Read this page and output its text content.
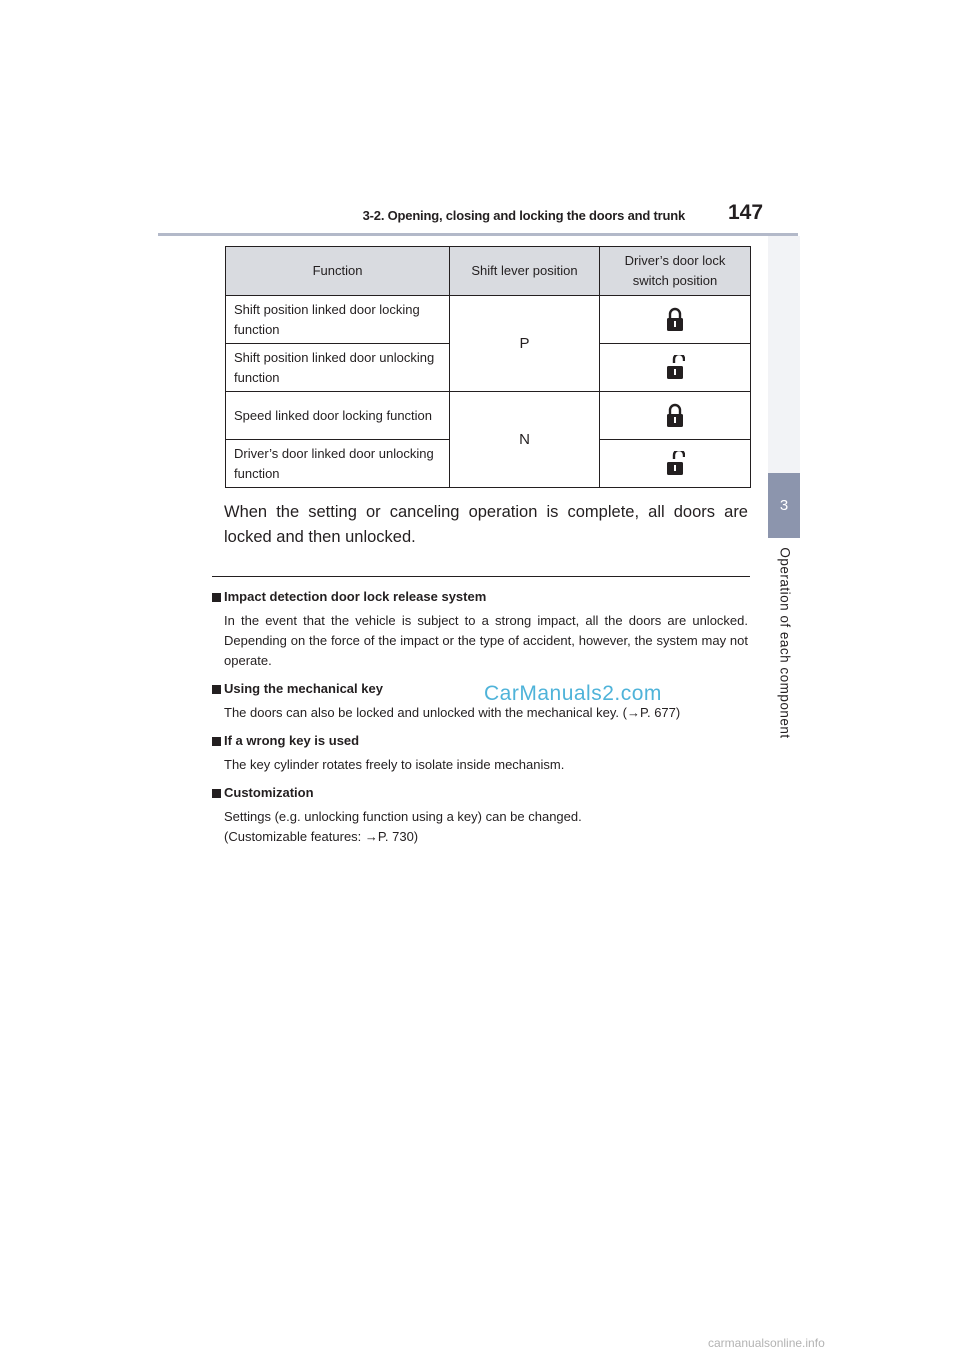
3-2. Opening, closing and locking the doors and trunk 147
3
Operation of each component
Function	Shift lever position	Driver’s door lock switch position
Shift position linked door locking function	P	
Shift position linked door unlocking function	
Speed linked door locking function	N	
Driver’s door linked door unlocking function	
When the setting or canceling operation is complete, all doors are locked and then unlocked.
Impact detection door lock release system
In the event that the vehicle is subject to a strong impact, all the doors are unlocked. Depending on the force of the impact or the type of accident, however, the system may not operate.
Using the mechanical key
The doors can also be locked and unlocked with the mechanical key. (→P. 677)
If a wrong key is used
The key cylinder rotates freely to isolate inside mechanism.
Customization
Settings (e.g. unlocking function using a key) can be changed.
(Customizable features: →P. 730)
CarManuals2.com
carmanualsonline.info
